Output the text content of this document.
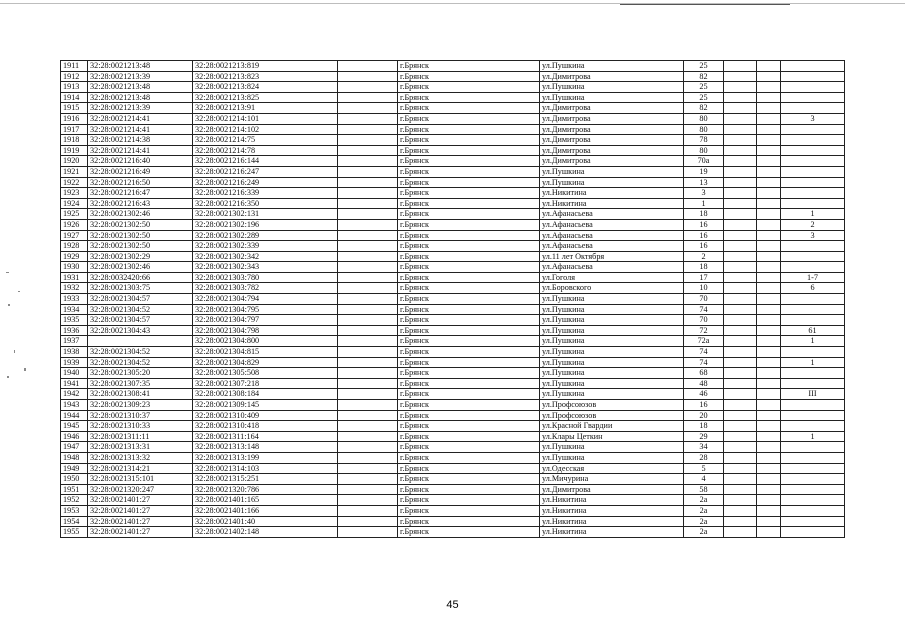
1911	32:28:0021213:48	32:28:0021213:819		г.Брянск	ул.Пушкина	25			
1912	32:28:0021213:39	32:28:0021213:823		г.Брянск	ул.Димитрова	82			
1913	32:28:0021213:48	32:28:0021213:824		г.Брянск	ул.Пушкина	25			
1914	32:28:0021213:48	32:28:0021213:825		г.Брянск	ул.Пушкина	25			
1915	32:28:0021213:39	32:28:0021213:91		г.Брянск	ул.Димитрова	82			
1916	32:28:0021214:41	32:28:0021214:101		г.Брянск	ул.Димитрова	80			3
1917	32:28:0021214:41	32:28:0021214:102		г.Брянск	ул.Димитрова	80			
1918	32:28:0021214:38	32:28:0021214:75		г.Брянск	ул.Димитрова	78			
1919	32:28:0021214:41	32:28:0021214:78		г.Брянск	ул.Димитрова	80			
1920	32:28:0021216:40	32:28:0021216:144		г.Брянск	ул.Димитрова	70а			
1921	32:28:0021216:49	32:28:0021216:247		г.Брянск	ул.Пушкина	19			
1922	32:28:0021216:50	32:28:0021216:249		г.Брянск	ул.Пушкина	13			
1923	32:28:0021216:47	32:28:0021216:339		г.Брянск	ул.Никитина	3			
1924	32:28:0021216:43	32:28:0021216:350		г.Брянск	ул.Никитина	1			
1925	32:28:0021302:46	32:28:0021302:131		г.Брянск	ул.Афанасьева	18			1
1926	32:28:0021302:50	32:28:0021302:196		г.Брянск	ул.Афанасьева	16			2
1927	32:28:0021302:50	32:28:0021302:289		г.Брянск	ул.Афанасьева	16			3
1928	32:28:0021302:50	32:28:0021302:339		г.Брянск	ул.Афанасьева	16			
1929	32:28:0021302:29	32:28:0021302:342		г.Брянск	ул.11 лет Октября	2			
1930	32:28:0021302:46	32:28:0021302:343		г.Брянск	ул.Афанасьева	18			
1931	32:28:0032420:66	32:28:0021303:780		г.Брянск	ул.Гоголя	17			1-7
1932	32:28:0021303:75	32:28:0021303:782		г.Брянск	ул.Боровского	10			6
1933	32:28:0021304:57	32:28:0021304:794		г.Брянск	ул.Пушкина	70			
1934	32:28:0021304:52	32:28:0021304:795		г.Брянск	ул.Пушкина	74			
1935	32:28:0021304:57	32:28:0021304:797		г.Брянск	ул.Пушкина	70			
1936	32:28:0021304:43	32:28:0021304:798		г.Брянск	ул.Пушкина	72			61
1937		32:28:0021304:800		г.Брянск	ул.Пушкина	72а			1
1938	32:28:0021304:52	32:28:0021304:815		г.Брянск	ул.Пушкина	74			
1939	32:28:0021304:52	32:28:0021304:829		г.Брянск	ул.Пушкина	74			1
1940	32:28:0021305:20	32:28:0021305:508		г.Брянск	ул.Пушкина	68			
1941	32:28:0021307:35	32:28:0021307:218		г.Брянск	ул.Пушкина	48			
1942	32:28:0021308:41	32:28:0021308:184		г.Брянск	ул.Пушкина	46			III
1943	32:28:0021309:23	32:28:0021309:145		г.Брянск	ул.Профсоюзов	16			
1944	32:28:0021310:37	32:28:0021310:409		г.Брянск	ул.Профсоюзов	20			
1945	32:28:0021310:33	32:28:0021310:418		г.Брянск	ул.Красной Гвардии	18			
1946	32:28:0021311:11	32:28:0021311:164		г.Брянск	ул.Клары Цеткин	29			1
1947	32:28:0021313:31	32:28:0021313:148		г.Брянск	ул.Пушкина	34			
1948	32:28:0021313:32	32:28:0021313:199		г.Брянск	ул.Пушкина	28			
1949	32:28:0021314:21	32:28:0021314:103		г.Брянск	ул.Одесская	5			
1950	32:28:0021315:101	32:28:0021315:251		г.Брянск	ул.Мичурина	4			
1951	32:28:0021320:247	32:28:0021320:786		г.Брянск	ул.Димитрова	58			
1952	32:28:0021401:27	32:28:0021401:165		г.Брянск	ул.Никитина	2а			
1953	32:28:0021401:27	32:28:0021401:166		г.Брянск	ул.Никитина	2а			
1954	32:28:0021401:27	32:28:0021401:40		г.Брянск	ул.Никитина	2а			
1955	32:28:0021401:27	32:28:0021402:148		г.Брянск	ул.Никитина	2а			
45
